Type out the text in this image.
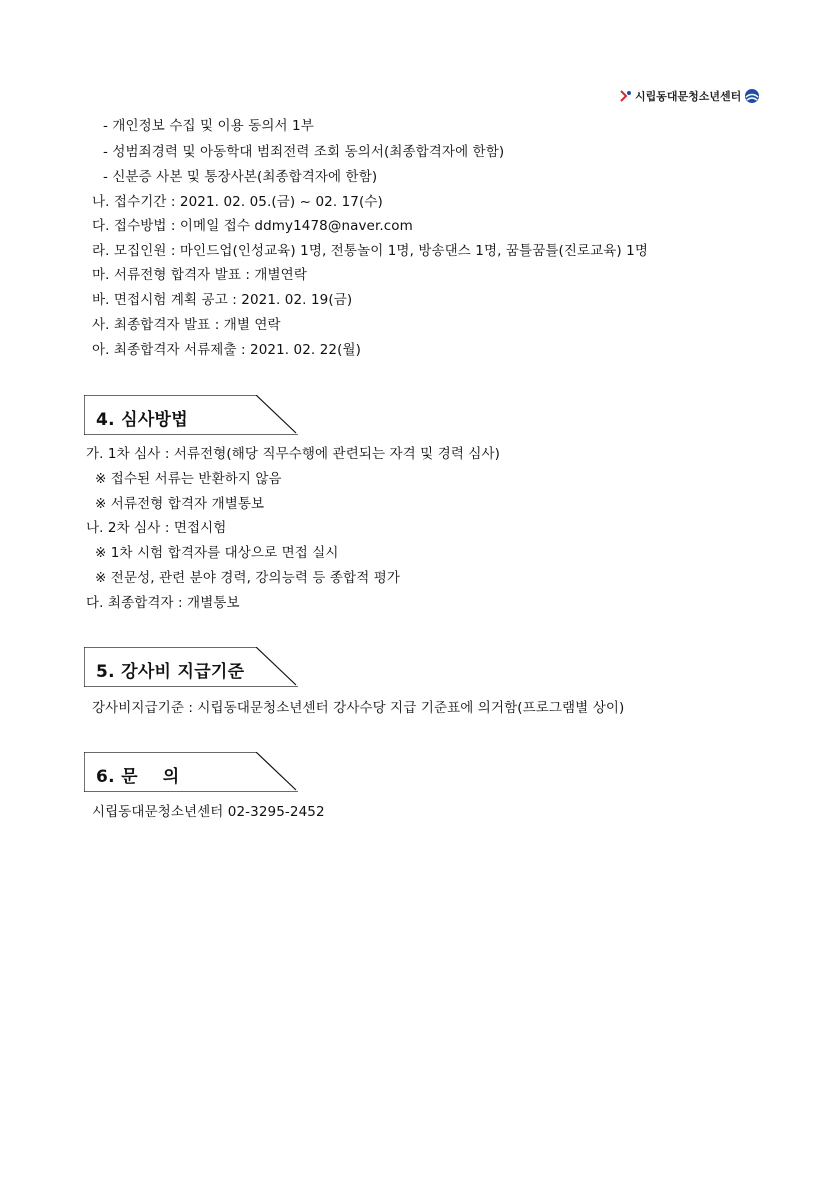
시립동대문청소년센터
- 개인정보 수집 및 이용 동의서 1부
- 성범죄경력 및 아동학대 범죄전력 조회 동의서(최종합격자에 한함)
- 신분증 사본 및 통장사본(최종합격자에 한함)
나. 접수기간 : 2021. 02. 05.(금) ~ 02. 17(수)
다. 접수방법 : 이메일 접수 ddmy1478@naver.com
라. 모집인원 : 마인드업(인성교육) 1명, 전통놀이 1명, 방송댄스 1명, 꿈틀꿈틀(진로교육) 1명
마. 서류전형 합격자 발표 : 개별연락
바. 면접시험 계획 공고 : 2021. 02. 19(금)
사. 최종합격자 발표 : 개별 연락
아. 최종합격자 서류제출 : 2021. 02. 22(월)
4. 심사방법
가. 1차 심사 : 서류전형(해당 직무수행에 관련되는 자격 및 경력 심사)
※ 접수된 서류는 반환하지 않음
※ 서류전형 합격자 개별통보
나. 2차 심사 : 면접시험
※ 1차 시험 합격자를 대상으로 면접 실시
※ 전문성, 관련 분야 경력, 강의능력 등 종합적 평가
다. 최종합격자 : 개별통보
5. 강사비 지급기준
강사비지급기준 : 시립동대문청소년센터 강사수당 지급 기준표에 의거함(프로그램별 상이)
6. 문    의
시립동대문청소년센터 02-3295-2452
